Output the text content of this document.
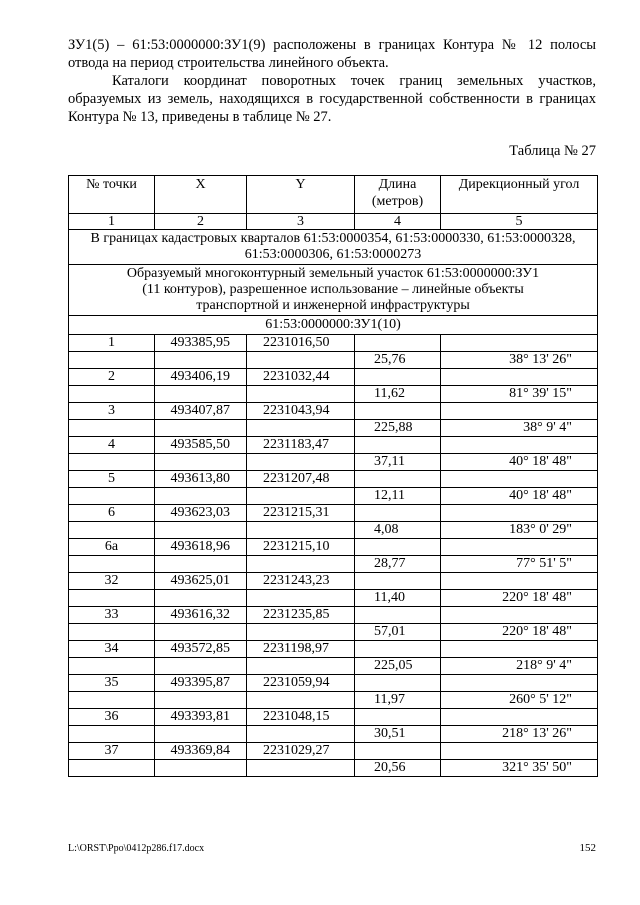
ЗУ1(5) – 61:53:0000000:ЗУ1(9) расположены в границах Контура № 12 полосы отвода на период строительства линейного объекта.

Каталоги координат поворотных точек границ земельных участков, образуемых из земель, находящихся в государственной собственности в границах Контура № 13, приведены в таблице № 27.

Таблица № 27

№ точки	X	Y	Длина (метров)	Дирекционный угол
1	2	3	4	5
В границах кадастровых кварталов 61:53:0000354, 61:53:0000330, 61:53:0000328, 61:53:0000306, 61:53:0000273				
Образуемый многоконтурный земельный участок 61:53:0000000:ЗУ1 (11 контуров), разрешенное использование – линейные объекты транспортной и инженерной инфраструктуры				
61:53:0000000:ЗУ1(10)				
1	493385,95	2231016,50		
			25,76	38° 13' 26"
2	493406,19	2231032,44		
			11,62	81° 39' 15"
3	493407,87	2231043,94		
			225,88	38° 9' 4"
4	493585,50	2231183,47		
			37,11	40° 18' 48"
5	493613,80	2231207,48		
			12,11	40° 18' 48"
6	493623,03	2231215,31		
			4,08	183° 0' 29"
6а	493618,96	2231215,10		
			28,77	77° 51' 5"
32	493625,01	2231243,23		
			11,40	220° 18' 48"
33	493616,32	2231235,85		
			57,01	220° 18' 48"
34	493572,85	2231198,97		
			225,05	218° 9' 4"
35	493395,87	2231059,94		
			11,97	260° 5' 12"
36	493393,81	2231048,15		
			30,51	218° 13' 26"
37	493369,84	2231029,27		
			20,56	321° 35' 50"
L:\ORST\Ppo\0412p286.f17.docx	152
